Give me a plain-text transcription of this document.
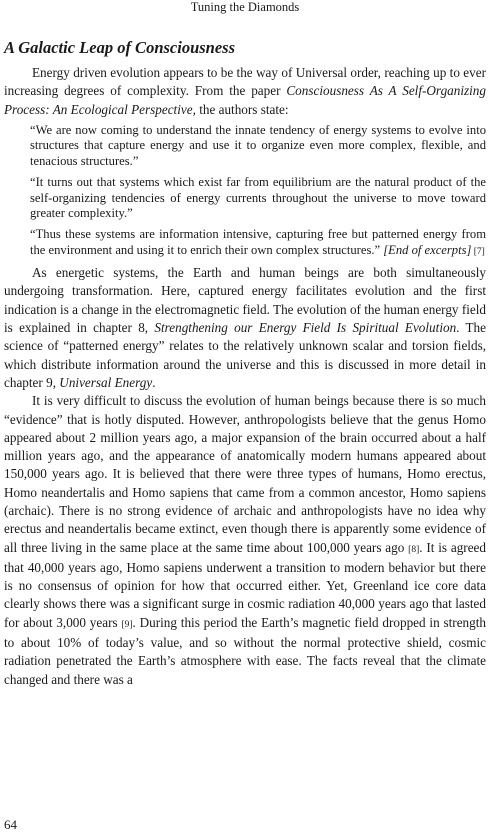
Tuning the Diamonds
A Galactic Leap of Consciousness

Energy driven evolution appears to be the way of Universal order, reaching up to ever increasing degrees of complexity. From the paper Consciousness As A Self-Organizing Process: An Ecological Perspective, the authors state:

“We are now coming to understand the innate tendency of energy systems to evolve into structures that capture energy and use it to organize even more complex, flexible, and tenacious structures.”

“It turns out that systems which exist far from equilibrium are the natural product of the self-organizing tendencies of energy currents throughout the universe to move toward greater complexity.”

“Thus these systems are information intensive, capturing free but patterned energy from the environment and using it to enrich their own complex structures.” [End of excerpts] [7]

As energetic systems, the Earth and human beings are both simultaneously undergoing transformation. Here, captured energy facilitates evolution and the first indication is a change in the electromagnetic field. The evolution of the human energy field is explained in chapter 8, Strengthening our Energy Field Is Spiritual Evolution. The science of “patterned energy” relates to the relatively unknown scalar and torsion fields, which distribute information around the universe and this is discussed in more detail in chapter 9, Universal Energy.

It is very difficult to discuss the evolution of human beings because there is so much “evidence” that is hotly disputed. However, anthropologists believe that the genus Homo appeared about 2 million years ago, a major expansion of the brain occurred about a half million years ago, and the appearance of anatomically modern humans appeared about 150,000 years ago. It is believed that there were three types of humans, Homo erectus, Homo neandertalis and Homo sapiens that came from a common ancestor, Homo sapiens (archaic). There is no strong evidence of archaic and anthropologists have no idea why erectus and neandertalis became extinct, even though there is apparently some evidence of all three living in the same place at the same time about 100,000 years ago [8]. It is agreed that 40,000 years ago, Homo sapiens underwent a transition to modern behavior but there is no consensus of opinion for how that occurred either. Yet, Greenland ice core data clearly shows there was a significant surge in cosmic radiation 40,000 years ago that lasted for about 3,000 years [9]. During this period the Earth’s magnetic field dropped in strength to about 10% of today’s value, and so without the normal protective shield, cosmic radiation penetrated the Earth’s atmosphere with ease. The facts reveal that the climate changed and there was a

64
